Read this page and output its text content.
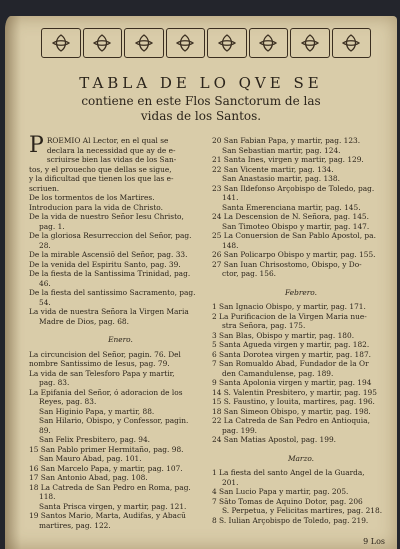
TABLA DE LO QVE SE
contiene en este Flos Sanctorum de las
vidas de los Santos.
P ROEMIO Al Lector, en el qual se
declara la necessidad que ay de e-
scriuirse bien las vidas de los San-
tos, y el prouecho que dellas se sigue,
y la dificultad que tienen los que las e-
scriuen.
De los tormentos de los Martires.
Introducion para la vida de Christo.
De la vida de nuestro Señor Iesu Christo,
pag. 1.
De la gloriosa Resurreccion del Señor, pag.
28.
De la mirable Ascensiō del Señor, pag. 33.
De la venida del Espiritu Santo, pag. 39.
De la fiesta de la Santissima Trinidad, pag.
46.
De la fiesta del santissimo Sacramento, pag.
54.
La vida de nuestra Señora la Virgen Maria
Madre de Dios, pag. 68.
Enero.
La circuncision del Señor, pagin. 76. Del
nombre Santissimo de Iesus, pag. 79.
La vida de san Telesforo Papa y martir,
pag. 83.
La Epifania del Señor, ó adoracion de los
Reyes, pag. 83.
San Higinio Papa, y martir, 88.
San Hilario, Obispo, y Confessor, pagin.
89.
San Felix Presbitero, pag. 94.
15 San Pablo primer Hermitaño, pag. 98.
San Mauro Abad, pag. 101.
16 San Marcelo Papa, y martir, pag. 107.
17 San Antonio Abad, pag. 108.
18 La Catreda de San Pedro en Roma, pag.
118.
Santa Prisca virgen, y martir, pag. 121.
19 Santos Mario, Marta, Audifas, y Abacū
martires, pag. 122.
20 San Fabian Papa, y martir, pag. 123.
San Sebastian martir, pag. 124.
21 Santa Ines, virgen y martir, pag. 129.
22 San Vicente martir, pag. 134.
San Anastasio martir, pag. 138.
23 San Ildefonso Arçobispo de Toledo, pag.
141.
Santa Emerenciana martir, pag. 145.
24 La Descension de N. Señora, pag. 145.
San Timoteo Obispo y martir, pag. 147.
25 La Conuersion de San Pablo Apostol, pa.
148.
26 San Policarpo Obispo y martir, pag. 155.
27 San Iuan Chrisostomo, Obispo, y Do-
ctor, pag. 156.
Febrero.
1 San Ignacio Obispo, y martir, pag. 171.
2 La Purificacion de la Virgen Maria nue-
stra Señora, pag. 175.
3 San Blas, Obispo y martir, pag. 180.
5 Santa Agueda virgen y martir, pag. 182.
6 Santa Dorotea virgen y martir, pag. 187.
7 San Romualdo Abad, Fundador de la Or
den Camandulense, pag. 189.
9 Santa Apolonia virgen y martir, pag. 194
14 S. Valentin Presbitero, y martir, pag. 195
15 S. Faustino, y Iouita, martires, pag. 196.
18 San Simeon Obispo, y martir, pag. 198.
22 La Catreda de San Pedro en Antioquia,
pag. 199.
24 San Matias Apostol, pag. 199.
Marzo.
1 La fiesta del santo Angel de la Guarda,
201.
4 San Lucio Papa y martir, pag. 205.
7 Sāto Tomas de Aquino Dotor, pag. 206
S. Perpetua, y Felicitas martires, pag. 218.
8 S. Iulian Arçobispo de Toledo, pag. 219.
9 Los
